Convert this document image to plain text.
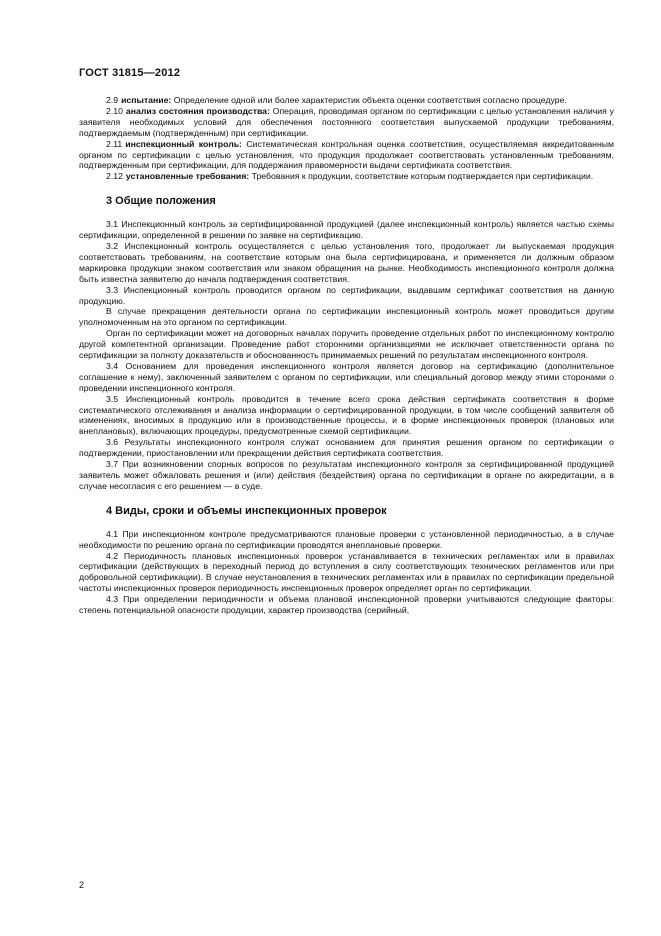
ГОСТ 31815—2012

2.9 испытание: Определение одной или более характеристик объекта оценки соответствия согласно процедуре.

2.10 анализ состояния производства: Операция, проводимая органом по сертификации с целью установления наличия у заявителя необходимых условий для обеспечения постоянного соответствия выпускаемой продукции требованиям, подтверждаемым (подтвержденным) при сертификации.

2.11 инспекционный контроль: Систематическая контрольная оценка соответствия, осуществляемая аккредитованным органом по сертификации с целью установления, что продукция продолжает соответствовать установленным требованиям, подтвержденным при сертификации, для поддержания правомерности выдачи сертификата соответствия.

2.12 установленные требования: Требования к продукции, соответствие которым подтверждается при сертификации.

3 Общие положения

3.1 Инспекционный контроль за сертифицированной продукцией (далее инспекционный контроль) является частью схемы сертификации, определенной в решении по заявке на сертификацию.

3.2 Инспекционный контроль осуществляется с целью установления того, продолжает ли выпускаемая продукция соответствовать требованиям, на соответствие которым она была сертифицирована, и применяется ли должным образом маркировка продукции знаком соответствия или знаком обращения на рынке. Необходимость инспекционного контроля должна быть известна заявителю до начала подтверждения соответствия.

3.3 Инспекционный контроль проводится органом по сертификации, выдавшим сертификат соответствия на данную продукцию.

В случае прекращения деятельности органа по сертификации инспекционный контроль может проводиться другим уполномоченным на это органом по сертификации.

Орган по сертификации может на договорных началах поручить проведение отдельных работ по инспекционному контролю другой компетентной организации. Проведение работ сторонними организациями не исключает ответственности органа по сертификации за полноту доказательств и обоснованность принимаемых решений по результатам инспекционного контроля.

3.4 Основанием для проведения инспекционного контроля является договор на сертификацию (дополнительное соглашение к нему), заключенный заявителем с органом по сертификации, или специальный договор между этими сторонами о проведении инспекционного контроля.

3.5 Инспекционный контроль проводится в течение всего срока действия сертификата соответствия в форме систематического отслеживания и анализа информации о сертифицированной продукции, в том числе сообщений заявителя об изменениях, вносимых в продукцию или в производственные процессы, и в форме инспекционных проверок (плановых или внеплановых), включающих процедуры, предусмотренные схемой сертификации.

3.6 Результаты инспекционного контроля служат основанием для принятия решения органом по сертификации о подтверждении, приостановлении или прекращении действия сертификата соответствия.

3.7 При возникновении спорных вопросов по результатам инспекционного контроля за сертифицированной продукцией заявитель может обжаловать решения и (или) действия (бездействия) органа по сертификации в органе по аккредитации, а в случае несогласия с его решением — в суде.

4 Виды, сроки и объемы инспекционных проверок

4.1 При инспекционном контроле предусматриваются плановые проверки с установленной периодичностью, а в случае необходимости по решению органа по сертификации проводятся внеплановые проверки.

4.2 Периодичность плановых инспекционных проверок устанавливается в технических регламентах или в правилах сертификации (действующих в переходный период до вступления в силу соответствующих технических регламентов или при добровольной сертификации). В случае неустановления в технических регламентах или в правилах по сертификации предельной частоты инспекционных проверок периодичность инспекционных проверок определяет орган по сертификации.

4.3 При определении периодичности и объема плановой инспекционной проверки учитываются следующие факторы: степень потенциальной опасности продукции, характер производства (серийный,

2
